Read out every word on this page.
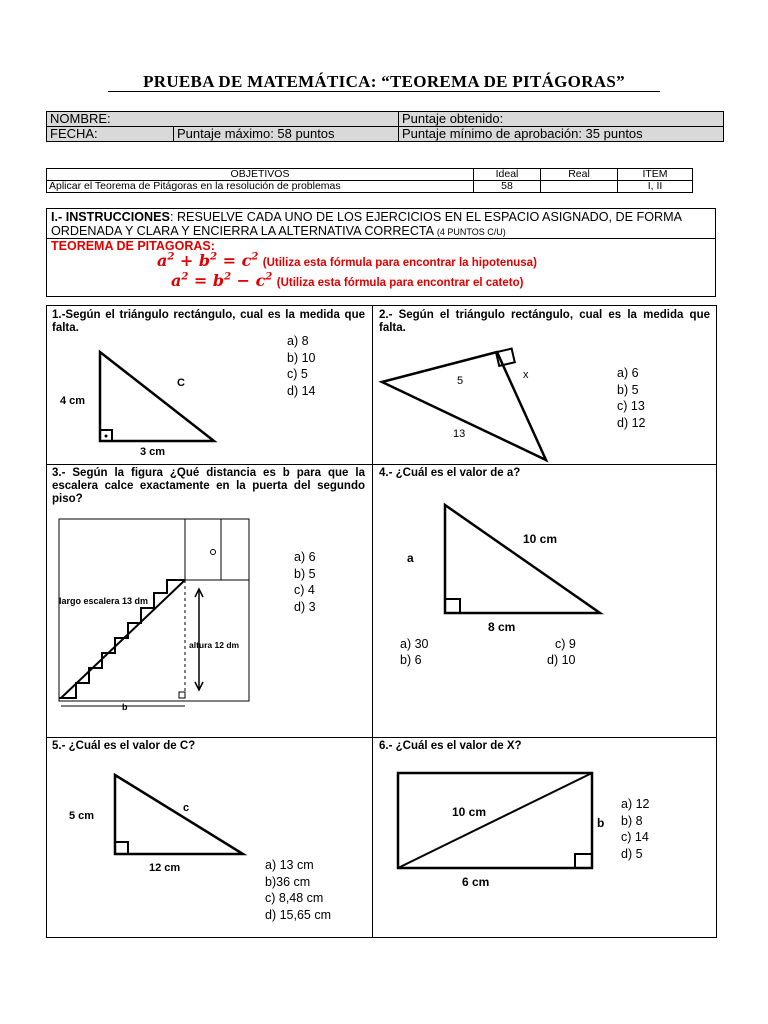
PRUEBA DE MATEMÁTICA: “TEOREMA DE PITÁGORAS”
NOMBRE:		Puntaje obtenido:
FECHA:	Puntaje máximo: 58 puntos	Puntaje mínimo de aprobación: 35 puntos
OBJETIVOS	Ideal	Real	ITEM
Aplicar el Teorema de Pitágoras en la resolución de problemas	58		I, II
I.- INSTRUCCIONES: RESUELVE CADA UNO DE LOS EJERCICIOS EN EL ESPACIO ASIGNADO, DE FORMA ORDENADA Y CLARA Y ENCIERRA LA ALTERNATIVA CORRECTA (4 PUNTOS C/U)
TEOREMA DE PITAGORAS:
$a^2 + b^2 = c^2$ (Utiliza esta fórmula para encontrar la hipotenusa)
$a^2 = b^2 - c^2$ (Utiliza esta fórmula para encontrar el cateto)
1.-Según el triángulo rectángulo, cual es la medida que falta.
a) 8
b) 10
c) 5
d) 14
4 cm
3 cm
C
2.- Según el triángulo rectángulo, cual es la medida que falta.
a) 6
b) 5
c) 13
d) 12
5
13
x
3.- Según la figura ¿Qué distancia es b para que la escalera calce exactamente en la puerta del segundo piso?
a) 6
b) 5
c) 4
d) 3
largo escalera 13 dm
altura 12 dm
b
4.- ¿Cuál es el valor de a?
a) 30
b) 6
c) 9
d) 10
a
8 cm
10 cm
5.- ¿Cuál es el valor de C?
a) 13 cm
b)36 cm
c) 8,48 cm
d) 15,65 cm
5 cm
12 cm
c
6.- ¿Cuál es el valor de X?
a) 12
b) 8
c) 14
d) 5
10 cm
b
6 cm
